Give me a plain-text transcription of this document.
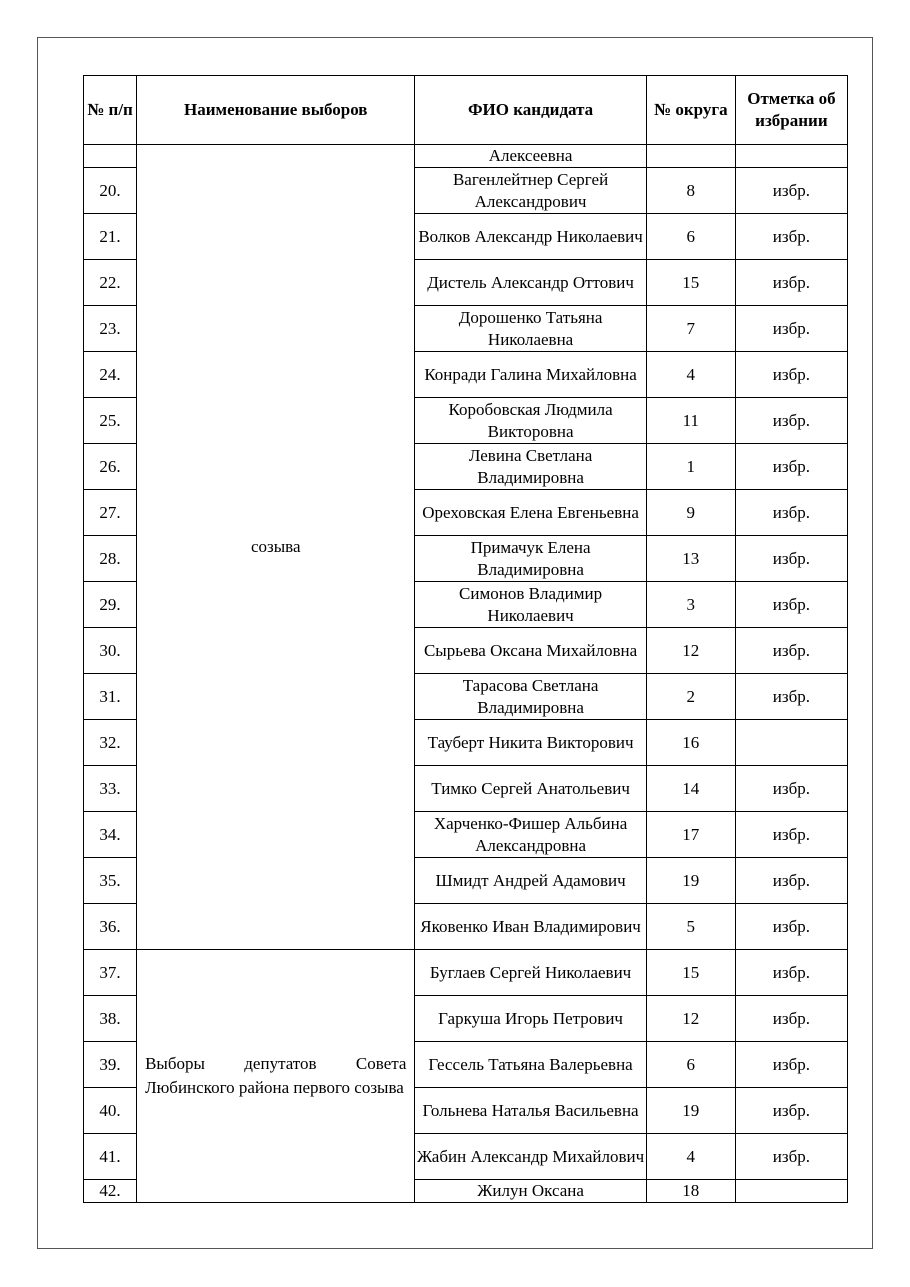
№ п/п	Наименование выборов	ФИО кандидата	№ округа	Отметка об избрании
	созыва	Алексеевна		
20.		Вагенлейтнер Сергей Александрович	8	избр.
21.		Волков Александр Николаевич	6	избр.
22.		Дистель Александр Оттович	15	избр.
23.		Дорошенко Татьяна Николаевна	7	избр.
24.		Конради Галина Михайловна	4	избр.
25.		Коробовская Людмила Викторовна	11	избр.
26.		Левина Светлана Владимировна	1	избр.
27.		Ореховская Елена Евгеньевна	9	избр.
28.		Примачук Елена Владимировна	13	избр.
29.		Симонов Владимир Николаевич	3	избр.
30.		Сырьева Оксана Михайловна	12	избр.
31.		Тарасова Светлана Владимировна	2	избр.
32.		Тауберт Никита Викторович	16	
33.		Тимко Сергей Анатольевич	14	избр.
34.		Харченко-Фишер Альбина Александровна	17	избр.
35.		Шмидт Андрей Адамович	19	избр.
36.		Яковенко Иван Владимирович	5	избр.
37.	Выборы депутатов Совета Любинского района первого созыва	Буглаев Сергей Николаевич	15	избр.
38.		Гаркуша Игорь Петрович	12	избр.
39.		Гессель Татьяна Валерьевна	6	избр.
40.		Гольнева Наталья Васильевна	19	избр.
41.		Жабин Александр Михайлович	4	избр.
42.		Жилун Оксана	18	
